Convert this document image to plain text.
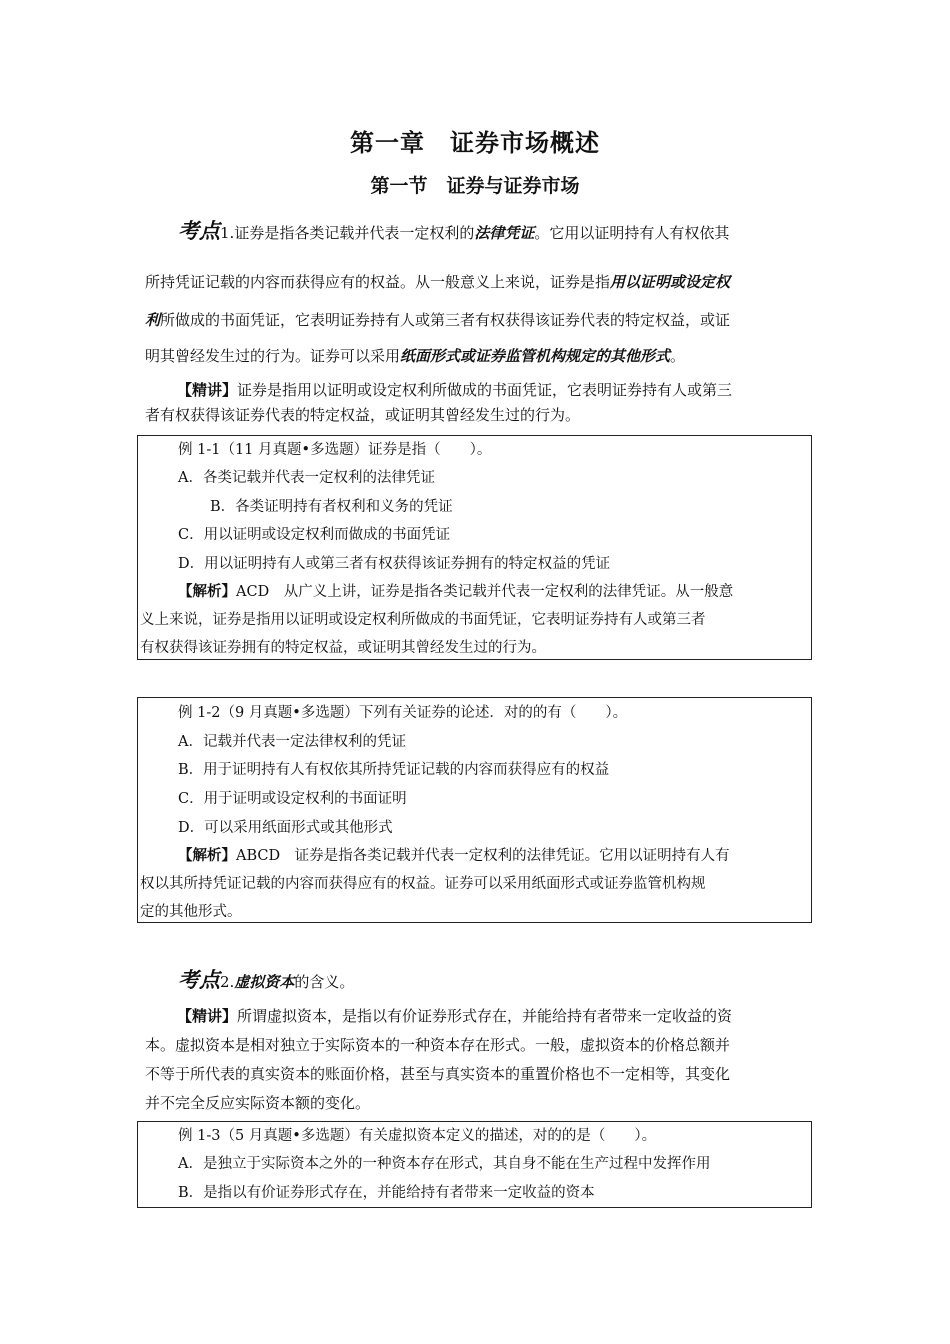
第一章　证券市场概述
第一节　证券与证券市场
考点1.证券是指各类记载并代表一定权利的法律凭证。它用以证明持有人有权依其
所持凭证记载的内容而获得应有的权益。从一般意义上来说，证券是指用以证明或设定权
利所做成的书面凭证，它表明证券持有人或第三者有权获得该证券代表的特定权益，或证
明其曾经发生过的行为。证券可以采用纸面形式或证券监管机构规定的其他形式。
【精讲】证券是指用以证明或设定权利所做成的书面凭证，它表明证券持有人或第三
者有权获得该证券代表的特定权益，或证明其曾经发生过的行为。
例 1-1（11 月真题•多选题）证券是指（　　）。
A．各类记载并代表一定权利的法律凭证
B．各类证明持有者权利和义务的凭证
C．用以证明或设定权利而做成的书面凭证
D．用以证明持有人或第三者有权获得该证券拥有的特定权益的凭证
【解析】ACD　从广义上讲，证券是指各类记载并代表一定权利的法律凭证。从一般意
义上来说，证券是指用以证明或设定权利所做成的书面凭证，它表明证券持有人或第三者
有权获得该证券拥有的特定权益，或证明其曾经发生过的行为。
例 1-2（9 月真题•多选题）下列有关证券的论述．对的的有（　　）。
A．记载并代表一定法律权利的凭证
B．用于证明持有人有权依其所持凭证记载的内容而获得应有的权益
C．用于证明或设定权利的书面证明
D．可以采用纸面形式或其他形式
【解析】ABCD　证券是指各类记载并代表一定权利的法律凭证。它用以证明持有人有
权以其所持凭证记载的内容而获得应有的权益。证券可以采用纸面形式或证券监管机构规
定的其他形式。
考点2.虚拟资本的含义。
【精讲】所谓虚拟资本，是指以有价证券形式存在，并能给持有者带来一定收益的资
本。虚拟资本是相对独立于实际资本的一种资本存在形式。一般，虚拟资本的价格总额并
不等于所代表的真实资本的账面价格，甚至与真实资本的重置价格也不一定相等，其变化
并不完全反应实际资本额的变化。
例 1-3（5 月真题•多选题）有关虚拟资本定义的描述，对的的是（　　）。
A．是独立于实际资本之外的一种资本存在形式，其自身不能在生产过程中发挥作用
B．是指以有价证券形式存在，并能给持有者带来一定收益的资本
